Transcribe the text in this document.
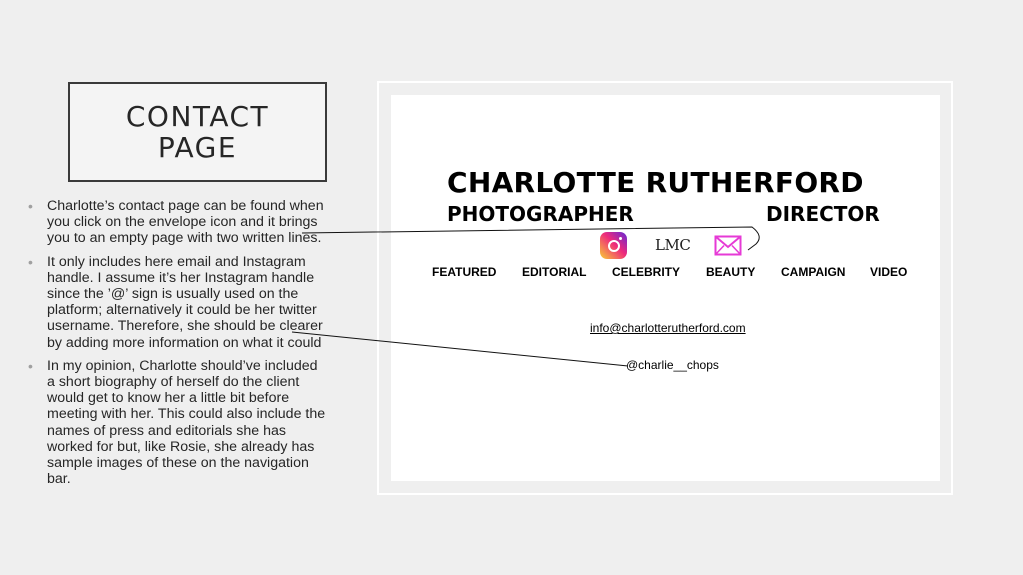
CONTACT
PAGE
• Charlotte’s contact page can be found when you click on the envelope icon and it brings you to an empty page with two written lines.
• It only includes here email and Instagram handle. I assume it’s her Instagram handle since the ’@’ sign is usually used on the platform; alternatively it could be her twitter username. Therefore, she should be clearer by adding more information on what it could
• In my opinion, Charlotte should’ve included a short biography of herself do the client would get to know her a little bit before meeting with her. This could also include the names of press and editorials she has worked for but, like Rosie, she already has sample images of these on the navigation bar.
CHARLOTTE RUTHERFORD
PHOTOGRAPHER	DIRECTOR
LMC
FEATURED EDITORIAL CELEBRITY BEAUTY CAMPAIGN VIDEO
info@charlotterutherford.com
@charlie__chops
